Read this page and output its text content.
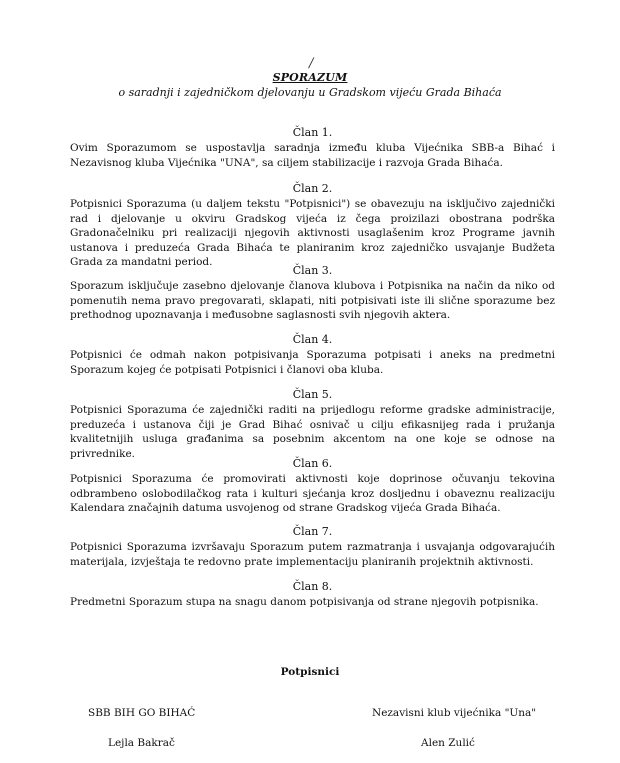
/
SPORAZUM
o saradnji i zajedničkom djelovanju u Gradskom vijeću Grada Bihaća
Član 1.
Ovim Sporazumom se uspostavlja saradnja između kluba Vijećnika SBB-a Bihać i Nezavisnog kluba Vijećnika "UNA", sa ciljem stabilizacije i razvoja Grada Bihaća.
Član 2.
Potpisnici Sporazuma (u daljem tekstu "Potpisnici") se obavezuju na isključivo zajednički rad i djelovanje u okviru Gradskog vijeća iz čega proizilazi obostrana podrška Gradonačelniku pri realizaciji njegovih aktivnosti usaglašenim kroz Programe javnih ustanova i preduzeća Grada Bihaća te planiranim kroz zajedničko usvajanje Budžeta Grada za mandatni period.
Član 3.
Sporazum isključuje zasebno djelovanje članova klubova i Potpisnika na način da niko od pomenutih nema pravo pregovarati, sklapati, niti potpisivati iste ili slične sporazume bez prethodnog upoznavanja i međusobne saglasnosti svih njegovih aktera.
Član 4.
Potpisnici će odmah nakon potpisivanja Sporazuma potpisati i aneks na predmetni Sporazum kojeg će potpisati Potpisnici i članovi oba kluba.
Član 5.
Potpisnici Sporazuma će zajednički raditi na prijedlogu reforme gradske administracije, preduzeća i ustanova čiji je Grad Bihać osnivač u cilju efikasnijeg rada i pružanja kvalitetnijih usluga građanima sa posebnim akcentom na one koje se odnose na privrednike.
Član 6.
Potpisnici Sporazuma će promovirati aktivnosti koje doprinose očuvanju tekovina odbrambeno oslobodilačkog rata i kulturi sjećanja kroz dosljednu i obaveznu realizaciju Kalendara značajnih datuma usvojenog od strane Gradskog vijeća Grada Bihaća.
Član 7.
Potpisnici Sporazuma izvršavaju Sporazum putem razmatranja i usvajanja odgovarajućih materijala, izvještaja te redovno prate implementaciju planiranih projektnih aktivnosti.
Član 8.
Predmetni Sporazum stupa na snagu danom potpisivanja od strane njegovih potpisnika.
Potpisnici
SBB BIH GO BIHAĆ
Lejla Bakrač
Nezavisni klub vijećnika "Una"
Alen Zulić
